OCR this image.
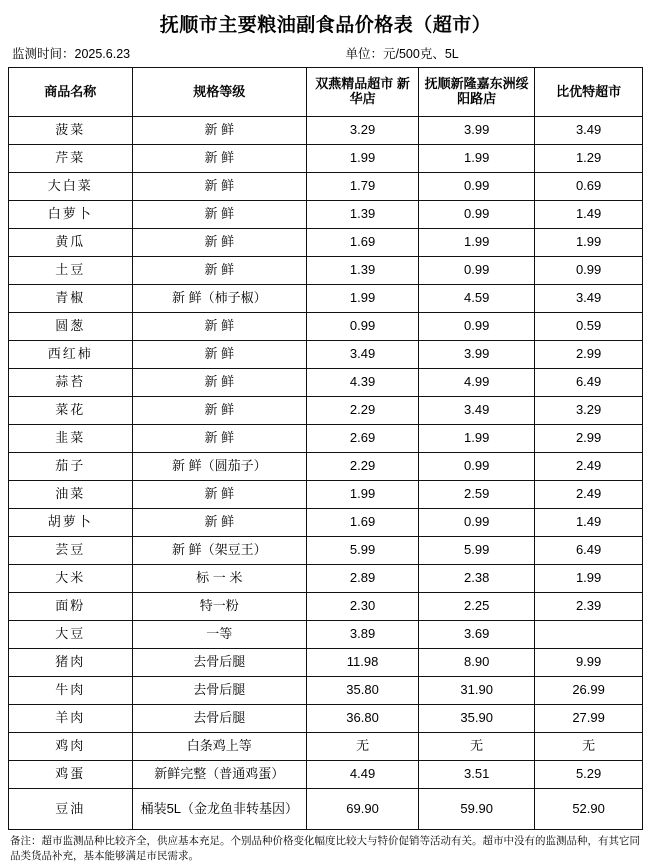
抚顺市主要粮油副食品价格表（超市）
监测时间：2025.6.23	单位：元/500克、5L
商品名称	规格等级	双燕精品超市 新华店	抚顺新隆嘉东洲绥阳路店	比优特超市
菠菜	新 鲜	3.29	3.99	3.49
芹菜	新 鲜	1.99	1.99	1.29
大白菜	新 鲜	1.79	0.99	0.69
白萝卜	新 鲜	1.39	0.99	1.49
黄瓜	新 鲜	1.69	1.99	1.99
土豆	新 鲜	1.39	0.99	0.99
青椒	新 鲜（柿子椒）	1.99	4.59	3.49
圆葱	新 鲜	0.99	0.99	0.59
西红柿	新 鲜	3.49	3.99	2.99
蒜苔	新 鲜	4.39	4.99	6.49
菜花	新 鲜	2.29	3.49	3.29
韭菜	新 鲜	2.69	1.99	2.99
茄子	新 鲜（圆茄子）	2.29	0.99	2.49
油菜	新 鲜	1.99	2.59	2.49
胡萝卜	新 鲜	1.69	0.99	1.49
芸豆	新 鲜（架豆王）	5.99	5.99	6.49
大米	标 一 米	2.89	2.38	1.99
面粉	特一粉	2.30	2.25	2.39
大豆	一等	3.89	3.69	
猪肉	去骨后腿	11.98	8.90	9.99
牛肉	去骨后腿	35.80	31.90	26.99
羊肉	去骨后腿	36.80	35.90	27.99
鸡肉	白条鸡上等	无	无	无
鸡蛋	新鲜完整（普通鸡蛋）	4.49	3.51	5.29
豆油	桶装5L（金龙鱼非转基因）	69.90	59.90	52.90
备注：超市监测品种比较齐全，供应基本充足。个别品种价格变化幅度比较大与特价促销等活动有关。超市中没有的监测品种，有其它同品类货品补充，基本能够满足市民需求。
